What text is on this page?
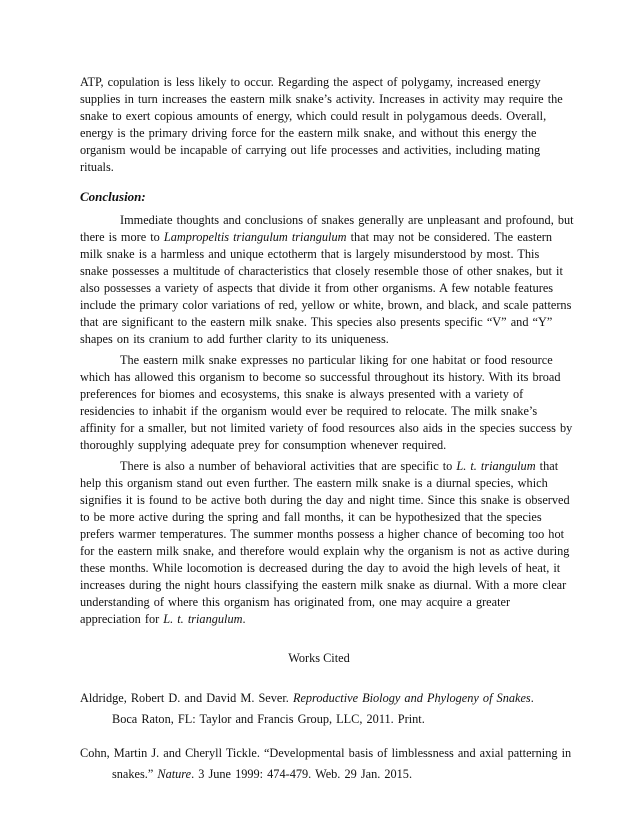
ATP, copulation is less likely to occur. Regarding the aspect of polygamy, increased energy
supplies in turn increases the eastern milk snake’s activity. Increases in activity may require the
snake to exert copious amounts of energy, which could result in polygamous deeds. Overall,
energy is the primary driving force for the eastern milk snake, and without this energy the
organism would be incapable of carrying out life processes and activities, including mating
rituals.
Conclusion:
Immediate thoughts and conclusions of snakes generally are unpleasant and profound, but
there is more to Lampropeltis triangulum triangulum that may not be considered. The eastern
milk snake is a harmless and unique ectotherm that is largely misunderstood by most. This
snake possesses a multitude of characteristics that closely resemble those of other snakes, but it
also possesses a variety of aspects that divide it from other organisms. A few notable features
include the primary color variations of red, yellow or white, brown, and black, and scale patterns
that are significant to the eastern milk snake. This species also presents specific “V” and “Y”
shapes on its cranium to add further clarity to its uniqueness.
The eastern milk snake expresses no particular liking for one habitat or food resource
which has allowed this organism to become so successful throughout its history. With its broad
preferences for biomes and ecosystems, this snake is always presented with a variety of
residencies to inhabit if the organism would ever be required to relocate. The milk snake’s
affinity for a smaller, but not limited variety of food resources also aids in the species success by
thoroughly supplying adequate prey for consumption whenever required.
There is also a number of behavioral activities that are specific to L. t. triangulum that
help this organism stand out even further. The eastern milk snake is a diurnal species, which
signifies it is found to be active both during the day and night time. Since this snake is observed
to be more active during the spring and fall months, it can be hypothesized that the species
prefers warmer temperatures. The summer months possess a higher chance of becoming too hot
for the eastern milk snake, and therefore would explain why the organism is not as active during
these months. While locomotion is decreased during the day to avoid the high levels of heat, it
increases during the night hours classifying the eastern milk snake as diurnal. With a more clear
understanding of where this organism has originated from, one may acquire a greater
appreciation for L. t. triangulum.
Works Cited
Aldridge, Robert D. and David M. Sever. Reproductive Biology and Phylogeny of Snakes.
Boca Raton, FL: Taylor and Francis Group, LLC, 2011. Print.
Cohn, Martin J. and Cheryll Tickle. “Developmental basis of limblessness and axial patterning in
snakes.” Nature. 3 June 1999: 474-479. Web. 29 Jan. 2015.
